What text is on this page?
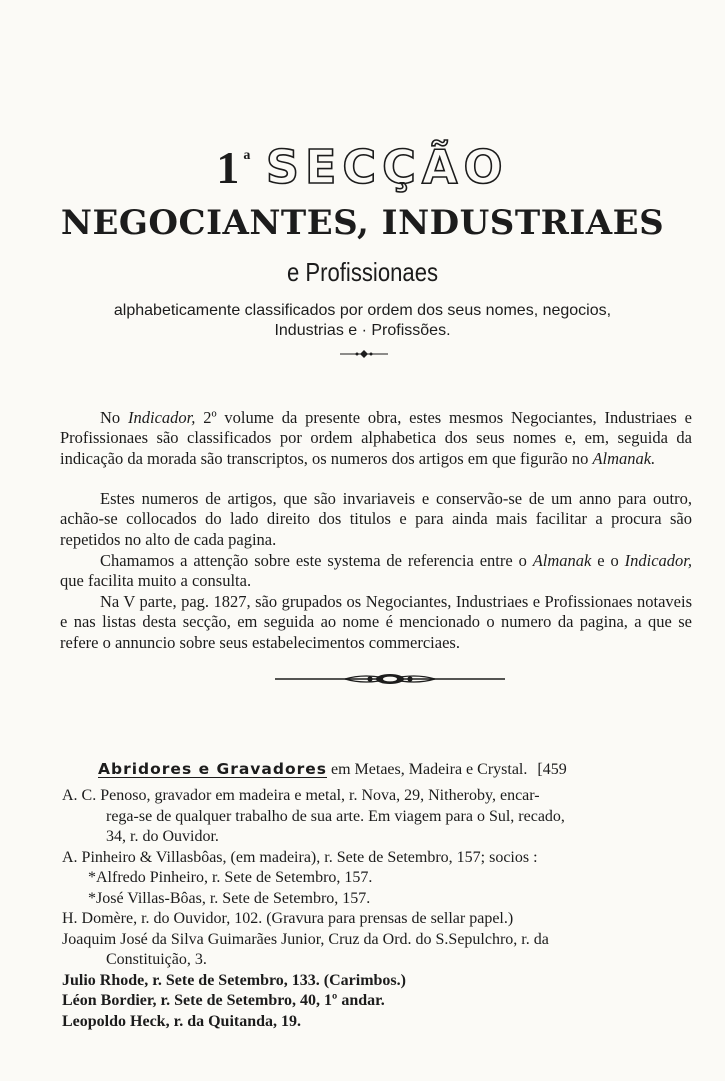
1$^a$ SECÇÃO
NEGOCIANTES, INDUSTRIAES
e Profissionaes
alphabeticamente classificados por ordem dos seus nomes, negocios,
Industrias e · Profissões.

No Indicador, 2º volume da presente obra, estes mesmos Negociantes, Industriaes e Profissionaes são classificados por ordem alphabetica dos seus nomes e, em, seguida da indicação da morada são transcriptos, os numeros dos artigos em que figurão no Almanak.

Estes numeros de artigos, que são invariaveis e conservão-se de um anno para outro, achão-se collocados do lado direito dos titulos e para ainda mais facilitar a procura são repetidos no alto de cada pagina.

Chamamos a attenção sobre este systema de referencia entre o Almanak e o Indicador, que facilita muito a consulta.

Na V parte, pag. 1827, são grupados os Negociantes, Industriaes e Profissionaes notaveis e nas listas desta secção, em seguida ao nome é mencionado o numero da pagina, a que se refere o annuncio sobre seus estabelecimentos commerciaes.

Abridores e Gravadores em Metaes, Madeira e Crystal. [459
A. C. Penoso, gravador em madeira e metal, r. Nova, 29, Nitheroby, encar-
rega-se de qualquer trabalho de sua arte. Em viagem para o Sul, recado,
34, r. do Ouvidor.
A. Pinheiro & Villasbôas, (em madeira), r. Sete de Setembro, 157; socios :
*Alfredo Pinheiro, r. Sete de Setembro, 157.
*José Villas-Bôas, r. Sete de Setembro, 157.
H. Domère, r. do Ouvidor, 102. (Gravura para prensas de sellar papel.)
Joaquim José da Silva Guimarães Junior, Cruz da Ord. do S.Sepulchro, r. da
Constituição, 3.
Julio Rhode, r. Sete de Setembro, 133. (Carimbos.)
Léon Bordier, r. Sete de Setembro, 40, 1º andar.
Leopoldo Heck, r. da Quitanda, 19.
